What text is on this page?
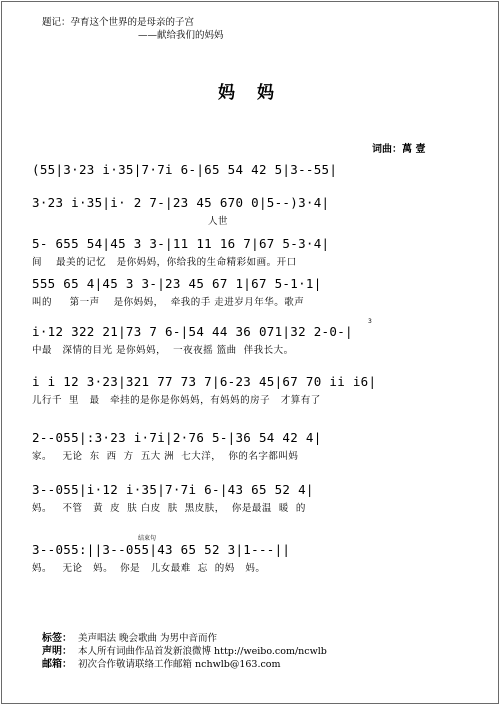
题记：孕育这个世界的是母亲的子宫
——献给我们的妈妈
妈 妈
词曲：萬 壹
(55|3·23 i·35|7·7i 6-|65 54 42 5|3--55|
3·23 i·35|i· 2 7-|23 45 670 0|5--)3·4|
人世
5- 655 54|45 3 3-|11 11 16 7|67 5-3·4|
间    最美的记忆   是你妈妈，你给我的生命精彩如画。开口
555 65 4|45 3 3-|23 45 67 1|67 5-1·1|
叫的     第一声    是你妈妈，  牵我的手 走进岁月年华。歌声
3
i·12 322 21|73 7 6-|54 44 36 071|32 2-0-|
中最   深情的目光 是你妈妈，  一夜夜摇 篮曲  伴我长大。
i i 12 3·23|321 77 73 7|6-23 45|67 70 ii i6|
儿行千  里   最   牵挂的是你是你妈妈，有妈妈的房子   才算有了
2--055|:3·23 i·7i|2·76 5-|36 54 42 4|
家。   无论  东  西  方  五大 洲  七大洋，  你的名字都叫妈
3--055|i·12 i·35|7·7i 6-|43 65 52 4|
妈。   不管   黄  皮  肤 白皮  肤  黑皮肤，  你是最温  暖  的
结束句
3--055:||3--055|43 65 52 3|1---||
妈。   无论   妈。  你是   儿女最难  忘  的妈   妈。
标签： 美声唱法 晚会歌曲 为男中音而作
声明： 本人所有词曲作品首发新浪微博 http://weibo.com/ncwlb
邮箱： 初次合作敬请联络工作邮箱 nchwlb@163.com
